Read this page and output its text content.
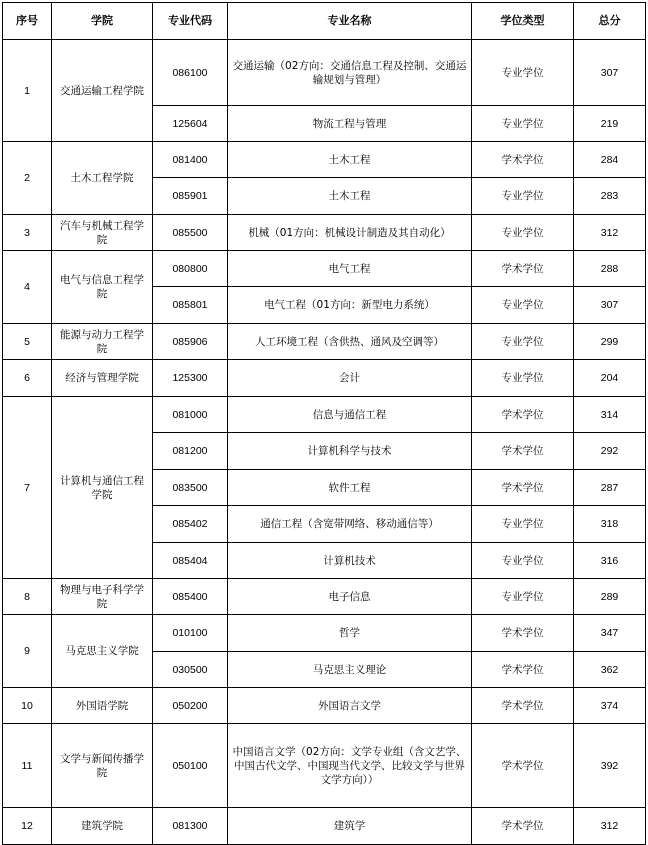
序号	学院	专业代码	专业名称	学位类型	总分
1	交通运输工程学院	086100	交通运输（02方向：交通信息工程及控制、交通运输规划与管理）	专业学位	307
		125604	物流工程与管理	专业学位	219
2	土木工程学院	081400	土木工程	学术学位	284
		085901	土木工程	专业学位	283
3	汽车与机械工程学院	085500	机械（01方向：机械设计制造及其自动化）	专业学位	312
4	电气与信息工程学院	080800	电气工程	学术学位	288
		085801	电气工程（01方向：新型电力系统）	专业学位	307
5	能源与动力工程学院	085906	人工环境工程（含供热、通风及空调等）	专业学位	299
6	经济与管理学院	125300	会计	专业学位	204
7	计算机与通信工程学院	081000	信息与通信工程	学术学位	314
		081200	计算机科学与技术	学术学位	292
		083500	软件工程	学术学位	287
		085402	通信工程（含宽带网络、移动通信等）	专业学位	318
		085404	计算机技术	专业学位	316
8	物理与电子科学学院	085400	电子信息	专业学位	289
9	马克思主义学院	010100	哲学	学术学位	347
		030500	马克思主义理论	学术学位	362
10	外国语学院	050200	外国语言文学	学术学位	374
11	文学与新闻传播学院	050100	中国语言文学（02方向：文学专业组（含文艺学、中国古代文学、中国现当代文学、比较文学与世界文学方向））	学术学位	392
12	建筑学院	081300	建筑学	学术学位	312
